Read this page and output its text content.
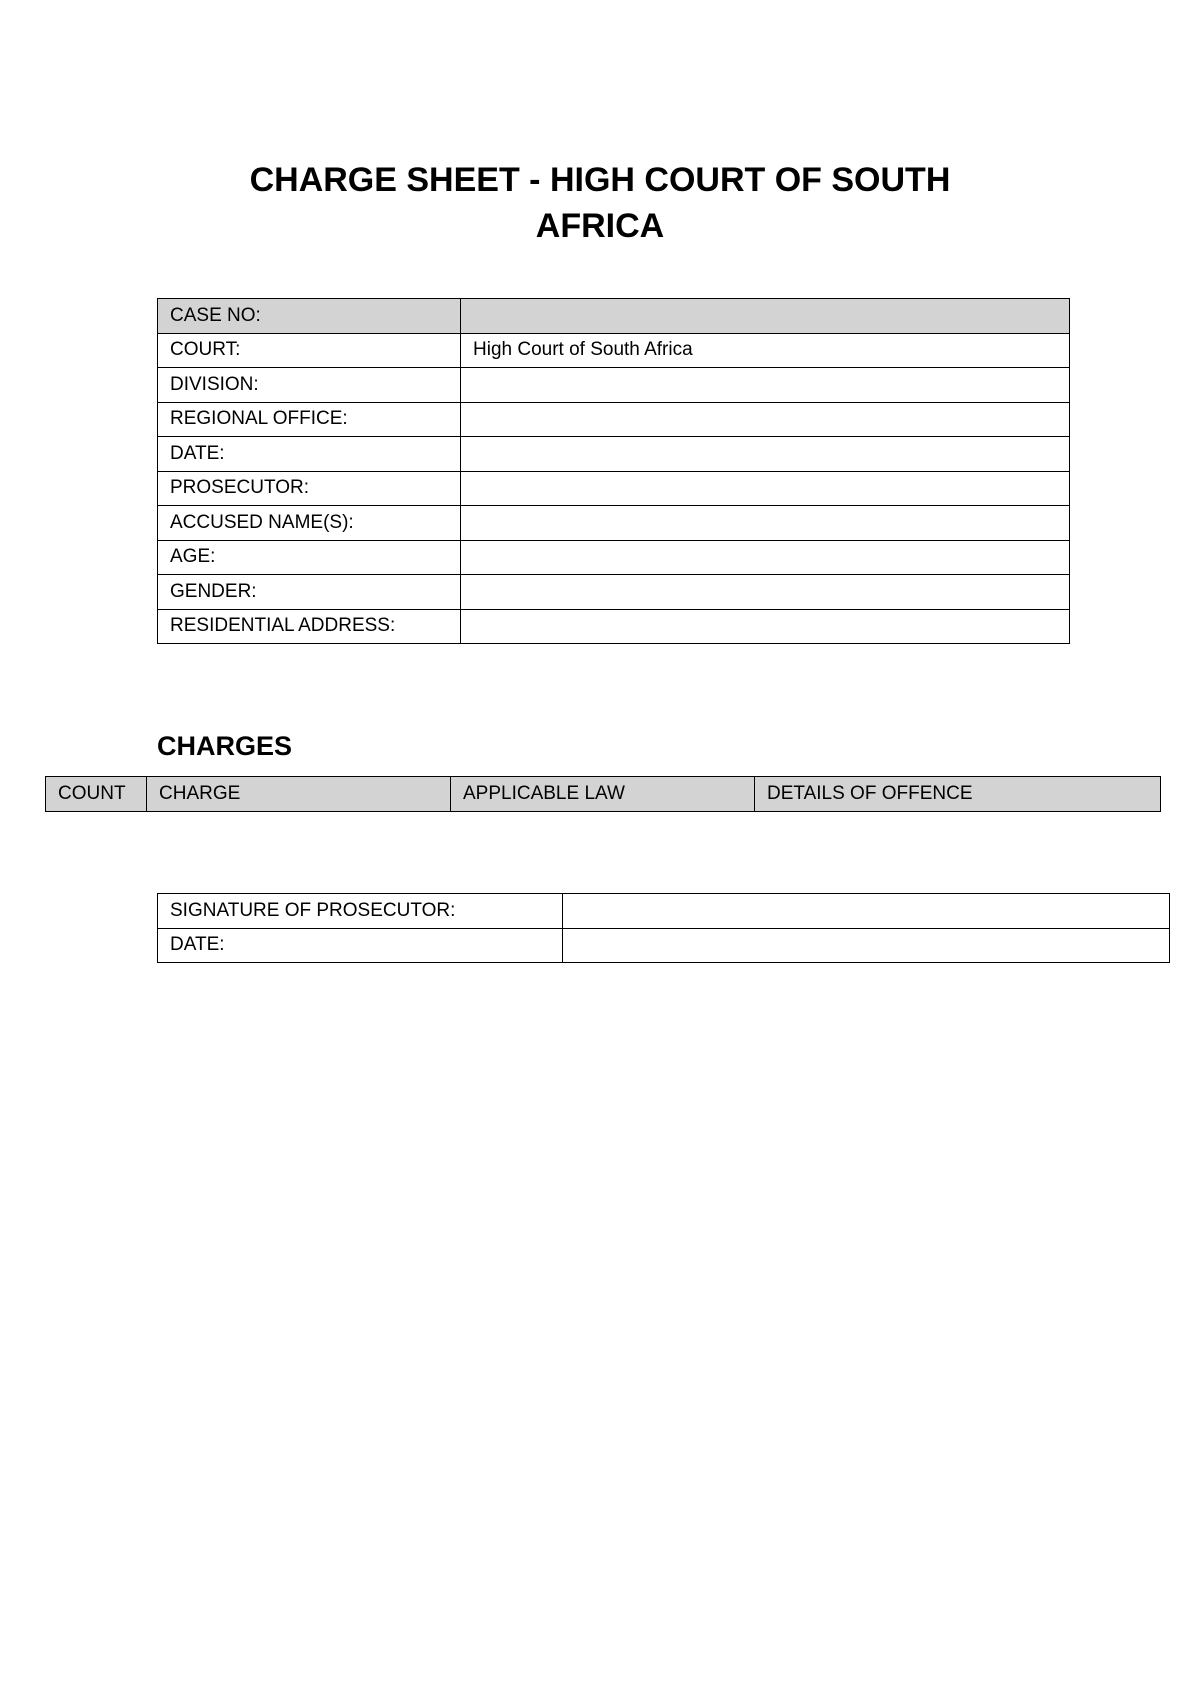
CHARGE SHEET - HIGH COURT OF SOUTH
AFRICA
CASE NO:	
COURT:	High Court of South Africa
DIVISION:	
REGIONAL OFFICE:	
DATE:	
PROSECUTOR:	
ACCUSED NAME(S):	
AGE:	
GENDER:	
RESIDENTIAL ADDRESS:	
CHARGES
COUNT	CHARGE	APPLICABLE LAW	DETAILS OF OFFENCE
SIGNATURE OF PROSECUTOR:	
DATE:	
